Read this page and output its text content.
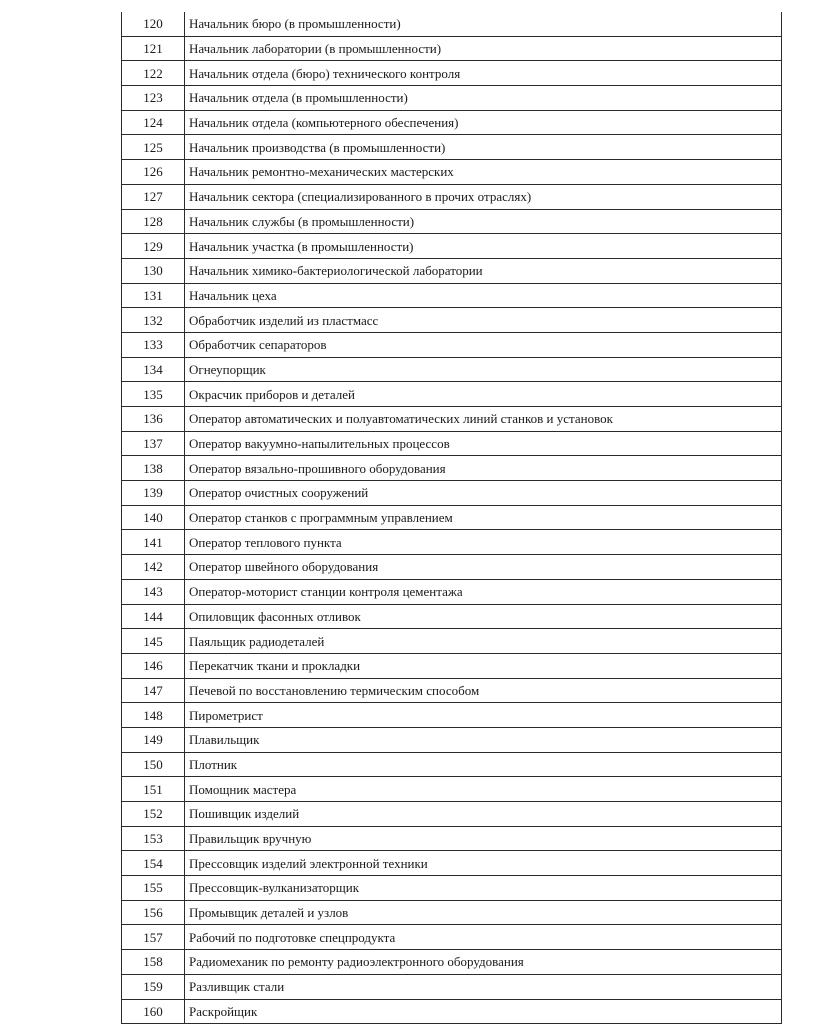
120	Начальник бюро (в промышленности)
121	Начальник лаборатории (в промышленности)
122	Начальник отдела (бюро) технического контроля
123	Начальник отдела (в промышленности)
124	Начальник отдела (компьютерного обеспечения)
125	Начальник производства (в промышленности)
126	Начальник ремонтно-механических мастерских
127	Начальник сектора (специализированного в прочих отраслях)
128	Начальник службы (в промышленности)
129	Начальник участка (в промышленности)
130	Начальник химико-бактериологической лаборатории
131	Начальник цеха
132	Обработчик изделий из пластмасс
133	Обработчик сепараторов
134	Огнеупорщик
135	Окрасчик приборов и деталей
136	Оператор автоматических и полуавтоматических линий станков и установок
137	Оператор вакуумно-напылительных процессов
138	Оператор вязально-прошивного оборудования
139	Оператор очистных сооружений
140	Оператор станков с программным управлением
141	Оператор теплового пункта
142	Оператор швейного оборудования
143	Оператор-моторист станции контроля цементажа
144	Опиловщик фасонных отливок
145	Паяльщик радиодеталей
146	Перекатчик ткани и прокладки
147	Печевой по восстановлению термическим способом
148	Пирометрист
149	Плавильщик
150	Плотник
151	Помощник мастера
152	Пошивщик изделий
153	Правильщик вручную
154	Прессовщик изделий электронной техники
155	Прессовщик-вулканизаторщик
156	Промывщик деталей и узлов
157	Рабочий по подготовке спецпродукта
158	Радиомеханик по ремонту радиоэлектронного оборудования
159	Разливщик стали
160	Раскройщик
